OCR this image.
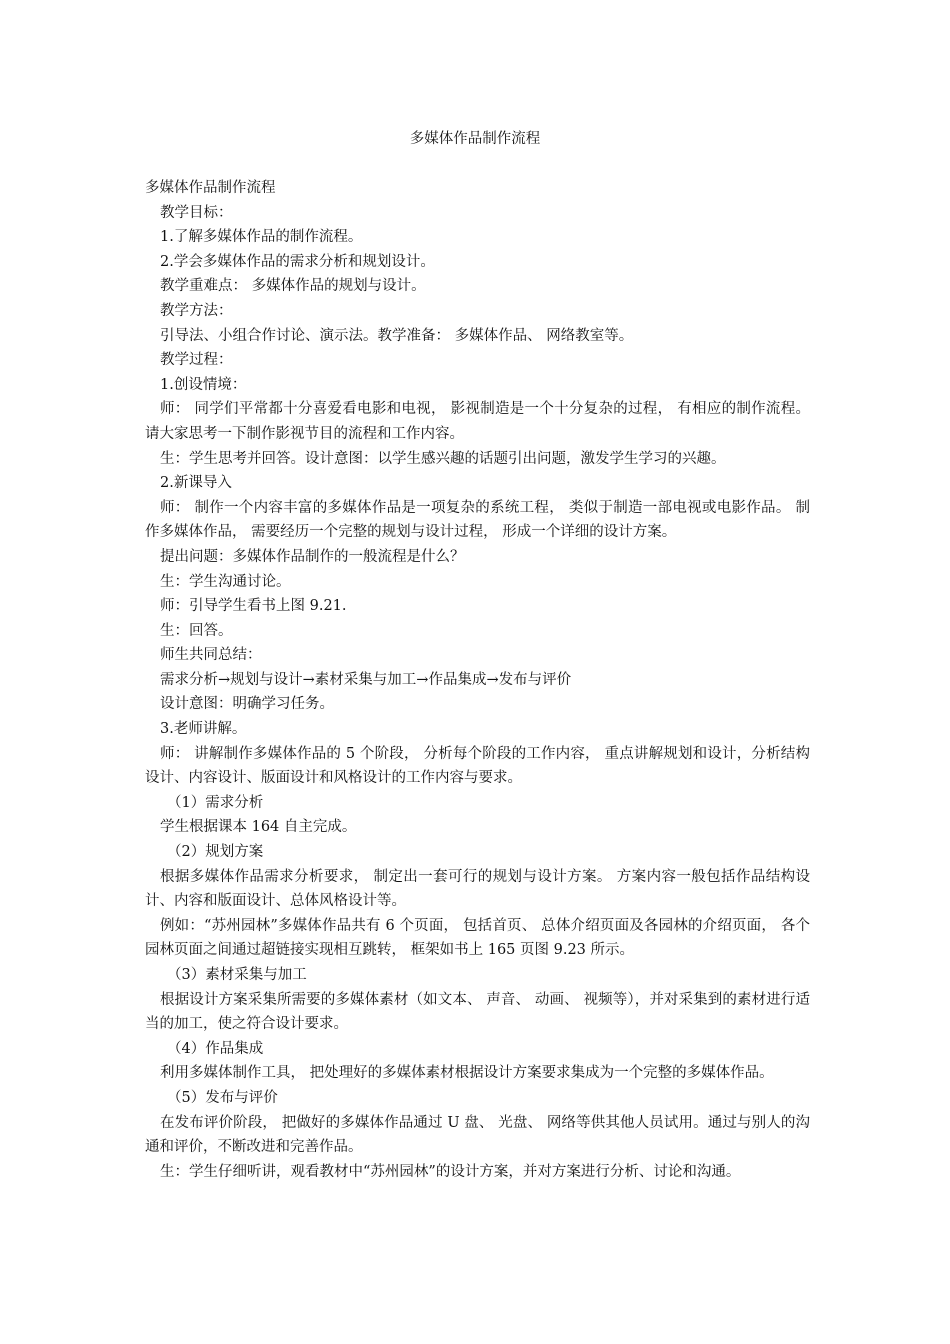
多媒体作品制作流程

多媒体作品制作流程

教学目标：

1.了解多媒体作品的制作流程。

2.学会多媒体作品的需求分析和规划设计。

教学重难点： 多媒体作品的规划与设计。

教学方法：

引导法、小组合作讨论、演示法。教学准备： 多媒体作品、 网络教室等。

教学过程：

1.创设情境：

师： 同学们平常都十分喜爱看电影和电视， 影视制造是一个十分复杂的过程， 有相应的制作流程。请大家思考一下制作影视节目的流程和工作内容。

生：学生思考并回答。设计意图：以学生感兴趣的话题引出问题，激发学生学习的兴趣。

2.新课导入

师： 制作一个内容丰富的多媒体作品是一项复杂的系统工程， 类似于制造一部电视或电影作品。 制作多媒体作品， 需要经历一个完整的规划与设计过程， 形成一个详细的设计方案。

提出问题：多媒体作品制作的一般流程是什么？

生：学生沟通讨论。

师：引导学生看书上图 9.21.

生：回答。

师生共同总结：

需求分析→规划与设计→素材采集与加工→作品集成→发布与评价

设计意图：明确学习任务。

3.老师讲解。

师： 讲解制作多媒体作品的 5 个阶段， 分析每个阶段的工作内容， 重点讲解规划和设计，分析结构设计、内容设计、版面设计和风格设计的工作内容与要求。

（1）需求分析

学生根据课本 164 自主完成。

（2）规划方案

根据多媒体作品需求分析要求， 制定出一套可行的规划与设计方案。 方案内容一般包括作品结构设计、内容和版面设计、总体风格设计等。

例如：“苏州园林”多媒体作品共有 6 个页面， 包括首页、 总体介绍页面及各园林的介绍页面， 各个园林页面之间通过超链接实现相互跳转， 框架如书上 165 页图 9.23 所示。

（3）素材采集与加工

根据设计方案采集所需要的多媒体素材（如文本、 声音、 动画、 视频等），并对采集到的素材进行适当的加工，使之符合设计要求。

（4）作品集成

利用多媒体制作工具， 把处理好的多媒体素材根据设计方案要求集成为一个完整的多媒体作品。

（5）发布与评价

在发布评价阶段， 把做好的多媒体作品通过 U 盘、 光盘、 网络等供其他人员试用。通过与别人的沟通和评价，不断改进和完善作品。

生：学生仔细听讲，观看教材中“苏州园林”的设计方案，并对方案进行分析、讨论和沟通。
